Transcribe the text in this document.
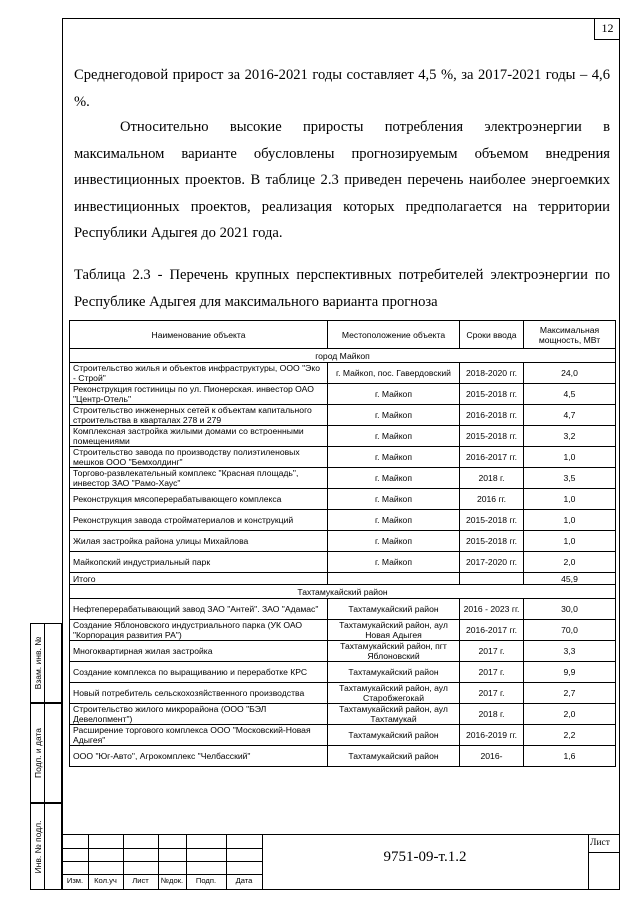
12

Среднегодовой прирост за 2016-2021 годы составляет 4,5 %, за 2017-2021 годы – 4,6 %.

Относительно высокие приросты потребления электроэнергии в максимальном варианте обусловлены прогнозируемым объемом внедрения инвестиционных проектов. В таблице 2.3 приведен перечень наиболее энергоемких инвестиционных проектов, реализация которых предполагается на территории Республики Адыгея до 2021 года.

Таблица 2.3 - Перечень крупных перспективных потребителей электроэнергии по Республике Адыгея для максимального варианта прогноза

Наименование объекта	Местоположение объекта	Сроки ввода	Максимальная мощность, МВт
город Майкоп			
Строительство жилья и объектов инфраструктуры, ООО "Эко - Строй"	г. Майкоп, пос. Гавердовский	2018-2020 гг.	24,0
Реконструкция гостиницы по ул. Пионерская. инвестор ОАО "Центр-Отель"	г. Майкоп	2015-2018 гг.	4,5
Строительство инженерных сетей к объектам капитального строительства в кварталах 278 и 279	г. Майкоп	2016-2018 гг.	4,7
Комплексная застройка жилыми домами со встроенными помещениями	г. Майкоп	2015-2018 гг.	3,2
Строительство завода по производству полиэтиленовых мешков ООО "Бемхолдинг"	г. Майкоп	2016-2017 гг.	1,0
Торгово-развлекательный комплекс "Красная площадь", инвестор ЗАО "Рамо-Хаус"	г. Майкоп	2018 г.	3,5
Реконструкция мясоперерабатывающего комплекса	г. Майкоп	2016 гг.	1,0
Реконструкция завода стройматериалов и конструкций	г. Майкоп	2015-2018 гг.	1,0
Жилая застройка района улицы Михайлова	г. Майкоп	2015-2018 гг.	1,0
Майкопский индустриальный парк	г. Майкоп	2017-2020 гг.	2,0
Итого			45,9
Тахтамукайский район			
Нефтеперерабатывающий завод ЗАО "Антей". ЗАО "Адамас"	Тахтамукайский район	2016 - 2023 гг.	30,0
Создание Яблоновского индустриального парка (УК ОАО "Корпорация развития РА")	Тахтамукайский район, аул Новая Адыгея	2016-2017 гг.	70,0
Многоквартирная жилая застройка	Тахтамукайский район, пгт Яблоновский	2017 г.	3,3
Создание комплекса по выращиванию и переработке КРС	Тахтамукайский район	2017 г.	9,9
Новый потребитель сельскохозяйственного производства	Тахтамукайский район, аул Старобжегокай	2017 г.	2,7
Строительство жилого микрорайона (ООО "БЭЛ Девелопмент")	Тахтамукайский район, аул Тахтамукай	2018 г.	2,0
Расширение торгового комплекса ООО "Московский-Новая Адыгея"	Тахтамукайский район	2016-2019 гг.	2,2
ООО "Юг-Авто", Агрокомплекс "Челбасский"	Тахтамукайский район	2016-	1,6
Взам. инв. №
Подп. и дата
Инв. № подл.
Изм.	Кол.уч	Лист	№док.	Подп.	Дата
9751-09-т.1.2
Лист
